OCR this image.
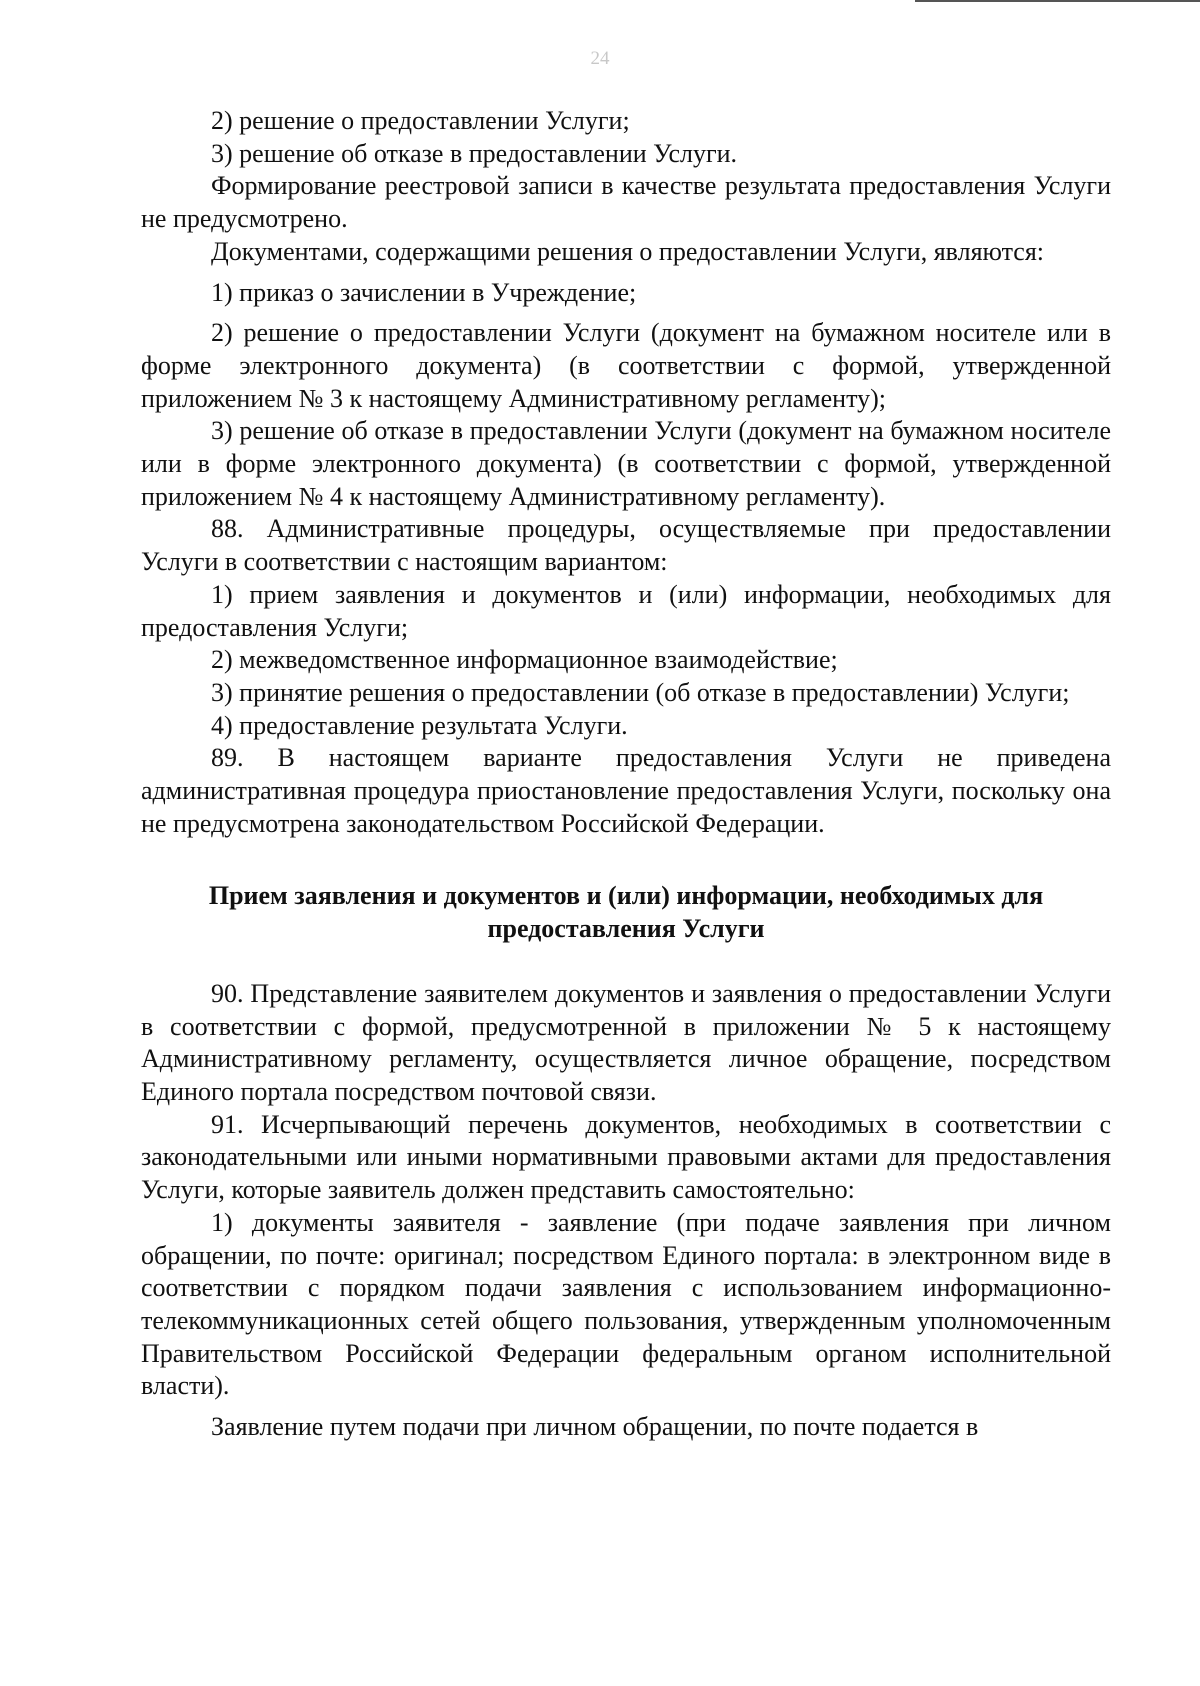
24

2) решение о предоставлении Услуги;

3) решение об отказе в предоставлении Услуги.

Формирование реестровой записи в качестве результата предоставления Услуги не предусмотрено.

Документами, содержащими решения о предоставлении Услуги, являются:

1) приказ о зачислении в Учреждение;

2) решение о предоставлении Услуги (документ на бумажном носителе или в форме электронного документа) (в соответствии с формой, утвержденной приложением № 3 к настоящему Административному регламенту);

3) решение об отказе в предоставлении Услуги (документ на бумажном носителе или в форме электронного документа) (в соответствии с формой, утвержденной приложением № 4 к настоящему Административному регламенту).

88. Административные процедуры, осуществляемые при предоставлении Услуги в соответствии с настоящим вариантом:

1) прием заявления и документов и (или) информации, необходимых для предоставления Услуги;

2) межведомственное информационное взаимодействие;

3) принятие решения о предоставлении (об отказе в предоставлении) Услуги;

4) предоставление результата Услуги.

89. В настоящем варианте предоставления Услуги не приведена административная процедура приостановление предоставления Услуги, поскольку она не предусмотрена законодательством Российской Федерации.

Прием заявления и документов и (или) информации, необходимых для предоставления Услуги

90. Представление заявителем документов и заявления о предоставлении Услуги в соответствии с формой, предусмотренной в приложении № 5 к настоящему Административному регламенту, осуществляется личное обращение, посредством Единого портала посредством почтовой связи.

91. Исчерпывающий перечень документов, необходимых в соответствии с законодательными или иными нормативными правовыми актами для предоставления Услуги, которые заявитель должен представить самостоятельно:

1) документы заявителя - заявление (при подаче заявления при личном обращении, по почте: оригинал; посредством Единого портала: в электронном виде в соответствии с порядком подачи заявления с использованием информационно-телекоммуникационных сетей общего пользования, утвержденным уполномоченным Правительством Российской Федерации федеральным органом исполнительной власти).

Заявление путем подачи при личном обращении, по почте подается в
